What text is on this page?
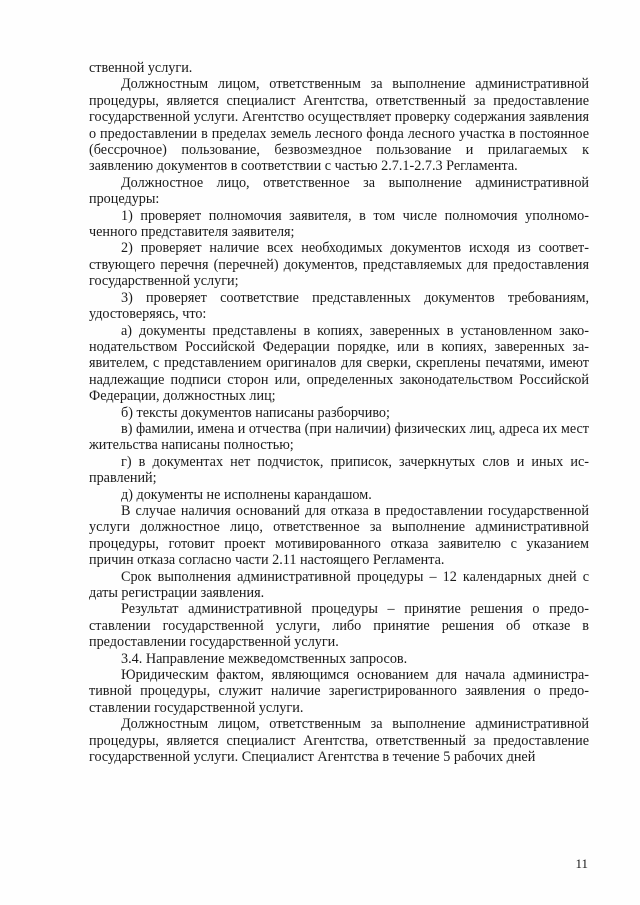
ственной услуги.

Должностным лицом, ответственным за выполнение административной процедуры, является специалист Агентства, ответственный за предоставление государственной услуги. Агентство осуществляет проверку содержания заявления о предоставлении в пределах земель лесного фонда лесного участка в постоянное (бессрочное) пользование, безвозмездное пользование и прилагаемых к заявлению документов в соответствии с частью 2.7.1-2.7.3 Регламента.

Должностное лицо, ответственное за выполнение административной процедуры:

1) проверяет полномочия заявителя, в том числе полномочия уполномоченного представителя заявителя;

2) проверяет наличие всех необходимых документов исходя из соответствующего перечня (перечней) документов, представляемых для предоставления государственной услуги;

3) проверяет соответствие представленных документов требованиям, удостоверяясь, что:

а) документы представлены в копиях, заверенных в установленном законодательством Российской Федерации порядке, или в копиях, заверенных заявителем, с представлением оригиналов для сверки, скреплены печатями, имеют надлежащие подписи сторон или, определенных законодательством Российской Федерации, должностных лиц;

б) тексты документов написаны разборчиво;

в) фамилии, имена и отчества (при наличии) физических лиц, адреса их мест жительства написаны полностью;

г) в документах нет подчисток, приписок, зачеркнутых слов и иных исправлений;

д) документы не исполнены карандашом.

В случае наличия оснований для отказа в предоставлении государственной услуги должностное лицо, ответственное за выполнение административной процедуры, готовит проект мотивированного отказа заявителю с указанием причин отказа согласно части 2.11 настоящего Регламента.

Срок выполнения административной процедуры – 12 календарных дней с даты регистрации заявления.

Результат административной процедуры – принятие решения о предоставлении государственной услуги, либо принятие решения об отказе в предоставлении государственной услуги.

3.4. Направление межведомственных запросов.

Юридическим фактом, являющимся основанием для начала административной процедуры, служит наличие зарегистрированного заявления о предоставлении государственной услуги.

Должностным лицом, ответственным за выполнение административной процедуры, является специалист Агентства, ответственный за предоставление государственной услуги. Специалист Агентства в течение 5 рабочих дней

11
